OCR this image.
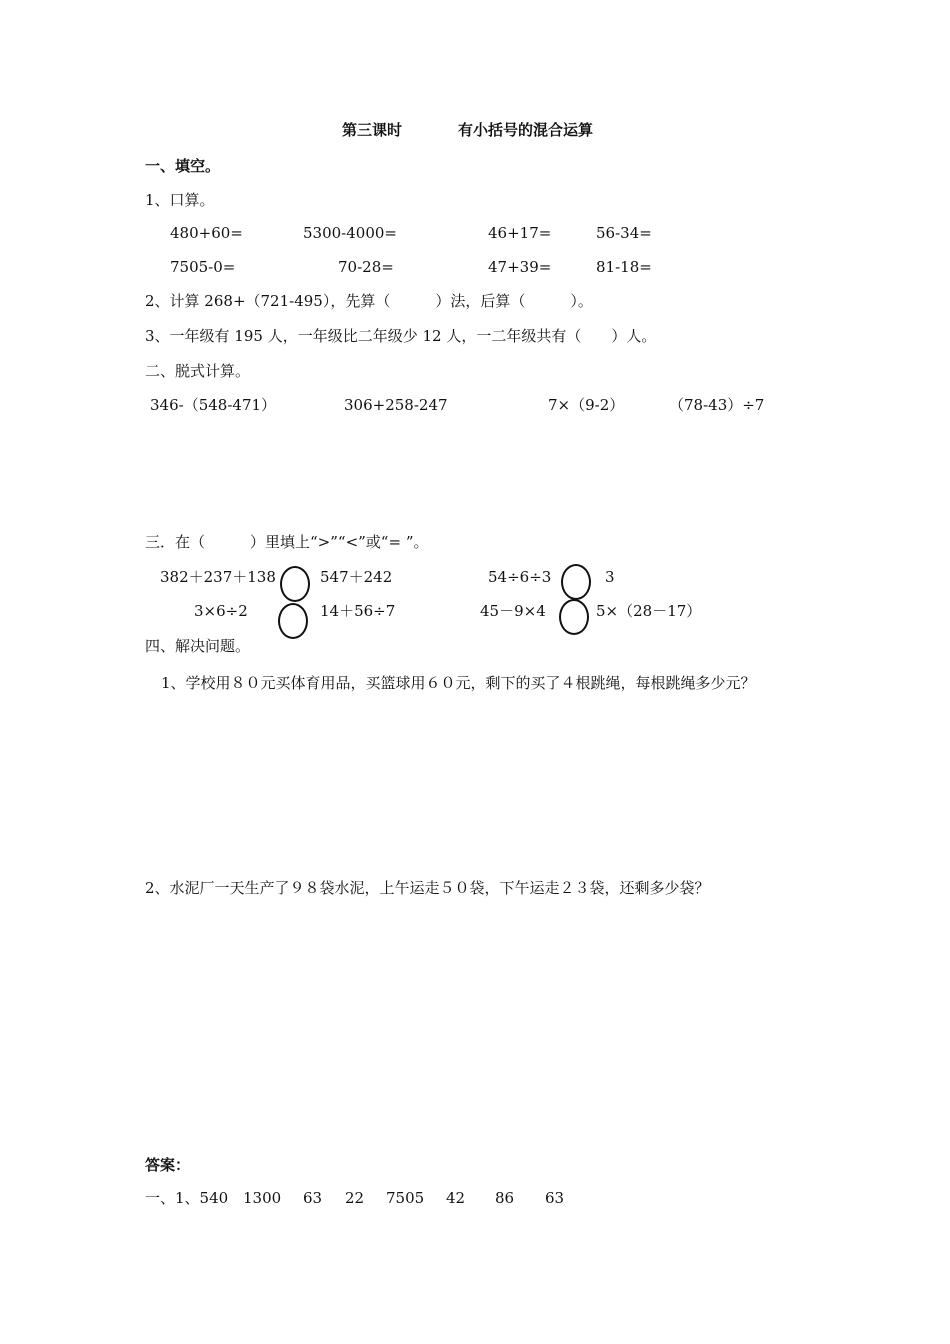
第三课时	有小括号的混合运算
一、填空。
1、口算。
480+60=	5300-4000=	46+17=	56-34=
7505-0=	70-28=	47+39=	81-18=
2、计算 268+（721-495），先算（　　　）法，后算（　　　）。
3、一年级有 195 人，一年级比二年级少 12 人，一二年级共有（　　）人。
二、脱式计算。
346-（548-471）	306+258-247	7×（9-2）	（78-43）÷7
三．在（　　　）里填上“>”“<”或“= ”。
382＋237＋138	547＋242	54÷6÷3	3
3×6÷2	14＋56÷7	45－9×4	5×（28－17）
四、解决问题。
1、学校用８０元买体育用品，买篮球用６０元，剩下的买了４根跳绳，每根跳绳多少元？
2、水泥厂一天生产了９８袋水泥，上午运走５０袋，下午运走２３袋，还剩多少袋？
答案：
一、1、540 1300 63 22 7505 42 86 63
